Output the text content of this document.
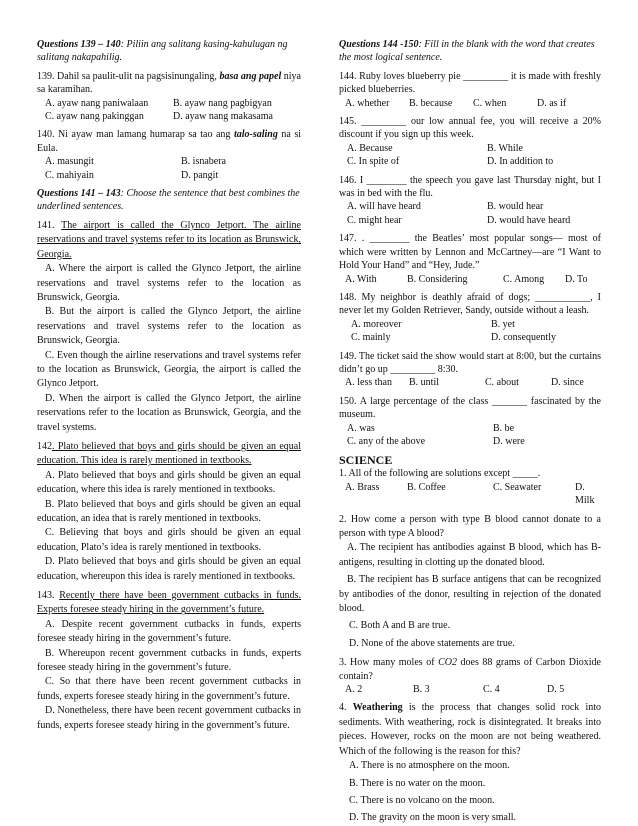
Questions 139 – 140: Piliin ang salitang kasing-kahulugan ng salitang nakapahilig.
139. Dahil sa paulit-ulit na pagsisinungaling, basa ang papel niya sa karamihan.
A. ayaw nang paniwalaan	B. ayaw nang pagbigyan
C. ayaw nang pakinggan	D. ayaw nang makasama
140. Ni ayaw man lamang humarap sa tao ang talo-saling na si Eula.
A. masungit	B. isnabera
C. mahiyain	D. pangit
Questions 141 – 143: Choose the sentence that best combines the underlined sentences.
141. The airport is called the Glynco Jetport. The airline reservations and travel systems refer to its location as Brunswick, Georgia.
A. Where the airport is called the Glynco Jetport, the airline reservations and travel systems refer to the location as Brunswick, Georgia.
B. But the airport is called the Glynco Jetport, the airline reservations and travel systems refer to the location as Brunswick, Georgia.
C. Even though the airline reservations and travel systems refer to the location as Brunswick, Georgia, the airport is called the Glynco Jetport.
D. When the airport is called the Glynco Jetport, the airline reservations refer to the location as Brunswick, Georgia, and the travel systems.
142. Plato believed that boys and girls should be given an equal education. This idea is rarely mentioned in textbooks.
A. Plato believed that boys and girls should be given an equal education, where this idea is rarely mentioned in textbooks.
B. Plato believed that boys and girls should be given an equal education, an idea that is rarely mentioned in textbooks.
C. Believing that boys and girls should be given an equal education, Plato’s idea is rarely mentioned in textbooks.
D. Plato believed that boys and girls should be given an equal education, whereupon this idea is rarely mentioned in textbooks.
143. Recently there have been government cutbacks in funds. Experts foresee steady hiring in the government’s future.
A. Despite recent government cutbacks in funds, experts foresee steady hiring in the government’s future.
B. Whereupon recent government cutbacks in funds, experts foresee steady hiring in the government’s future.
C. So that there have been recent government cutbacks in funds, experts foresee steady hiring in the government’s future.
D. Nonetheless, there have been recent government cutbacks in funds, experts foresee steady hiring in the government’s future.
Questions 144 -150: Fill in the blank with the word that creates the most logical sentence.
144. Ruby loves blueberry pie _________ it is made with freshly picked blueberries.
A. whether	B. because	C. when	D. as if
145. _________ our low annual fee, you will receive a 20% discount if you sign up this week.
A. Because	B. While
C. In spite of	D. In addition to
146. I ________ the speech you gave last Thursday night, but I was in bed with the flu.
A. will have heard	B. would hear
C. might hear	D. would have heard
147. . ________ the Beatles’ most popular songs— most of which were written by Lennon and McCartney—are “I Want to Hold Your Hand” and “Hey, Jude.”
A. With	B. Considering	C. Among	D. To
148. My neighbor is deathly afraid of dogs; ___________, I never let my Golden Retriever, Sandy, outside without a leash.
A. moreover	B. yet
C. mainly	D. consequently
149. The ticket said the show would start at 8:00, but the curtains didn’t go up _________ 8:30.
A. less than	B. until	C. about	D. since
150. A large percentage of the class _______ fascinated by the museum.
A. was	B. be
C. any of the above	D. were
SCIENCE
1. All of the following are solutions except _____.
A. Brass	B. Coffee	C. Seawater	D. Milk
2. How come a person with type B blood cannot donate to a person with type A blood?
A. The recipient has antibodies against B blood, which has B-antigens, resulting in clotting up the donated blood.
B. The recipient has B surface antigens that can be recognized by antibodies of the donor, resulting in rejection of the donated blood.
C. Both A and B are true.
D. None of the above statements are true.
3. How many moles of CO2 does 88 grams of Carbon Dioxide contain?
A. 2	B. 3	C. 4	D. 5
4. Weathering is the process that changes solid rock into sediments. With weathering, rock is disintegrated. It breaks into pieces. However, rocks on the moon are not being weathered. Which of the following is the reason for this?
A. There is no atmosphere on the moon.
B. There is no water on the moon.
C. There is no volcano on the moon.
D. The gravity on the moon is very small.
